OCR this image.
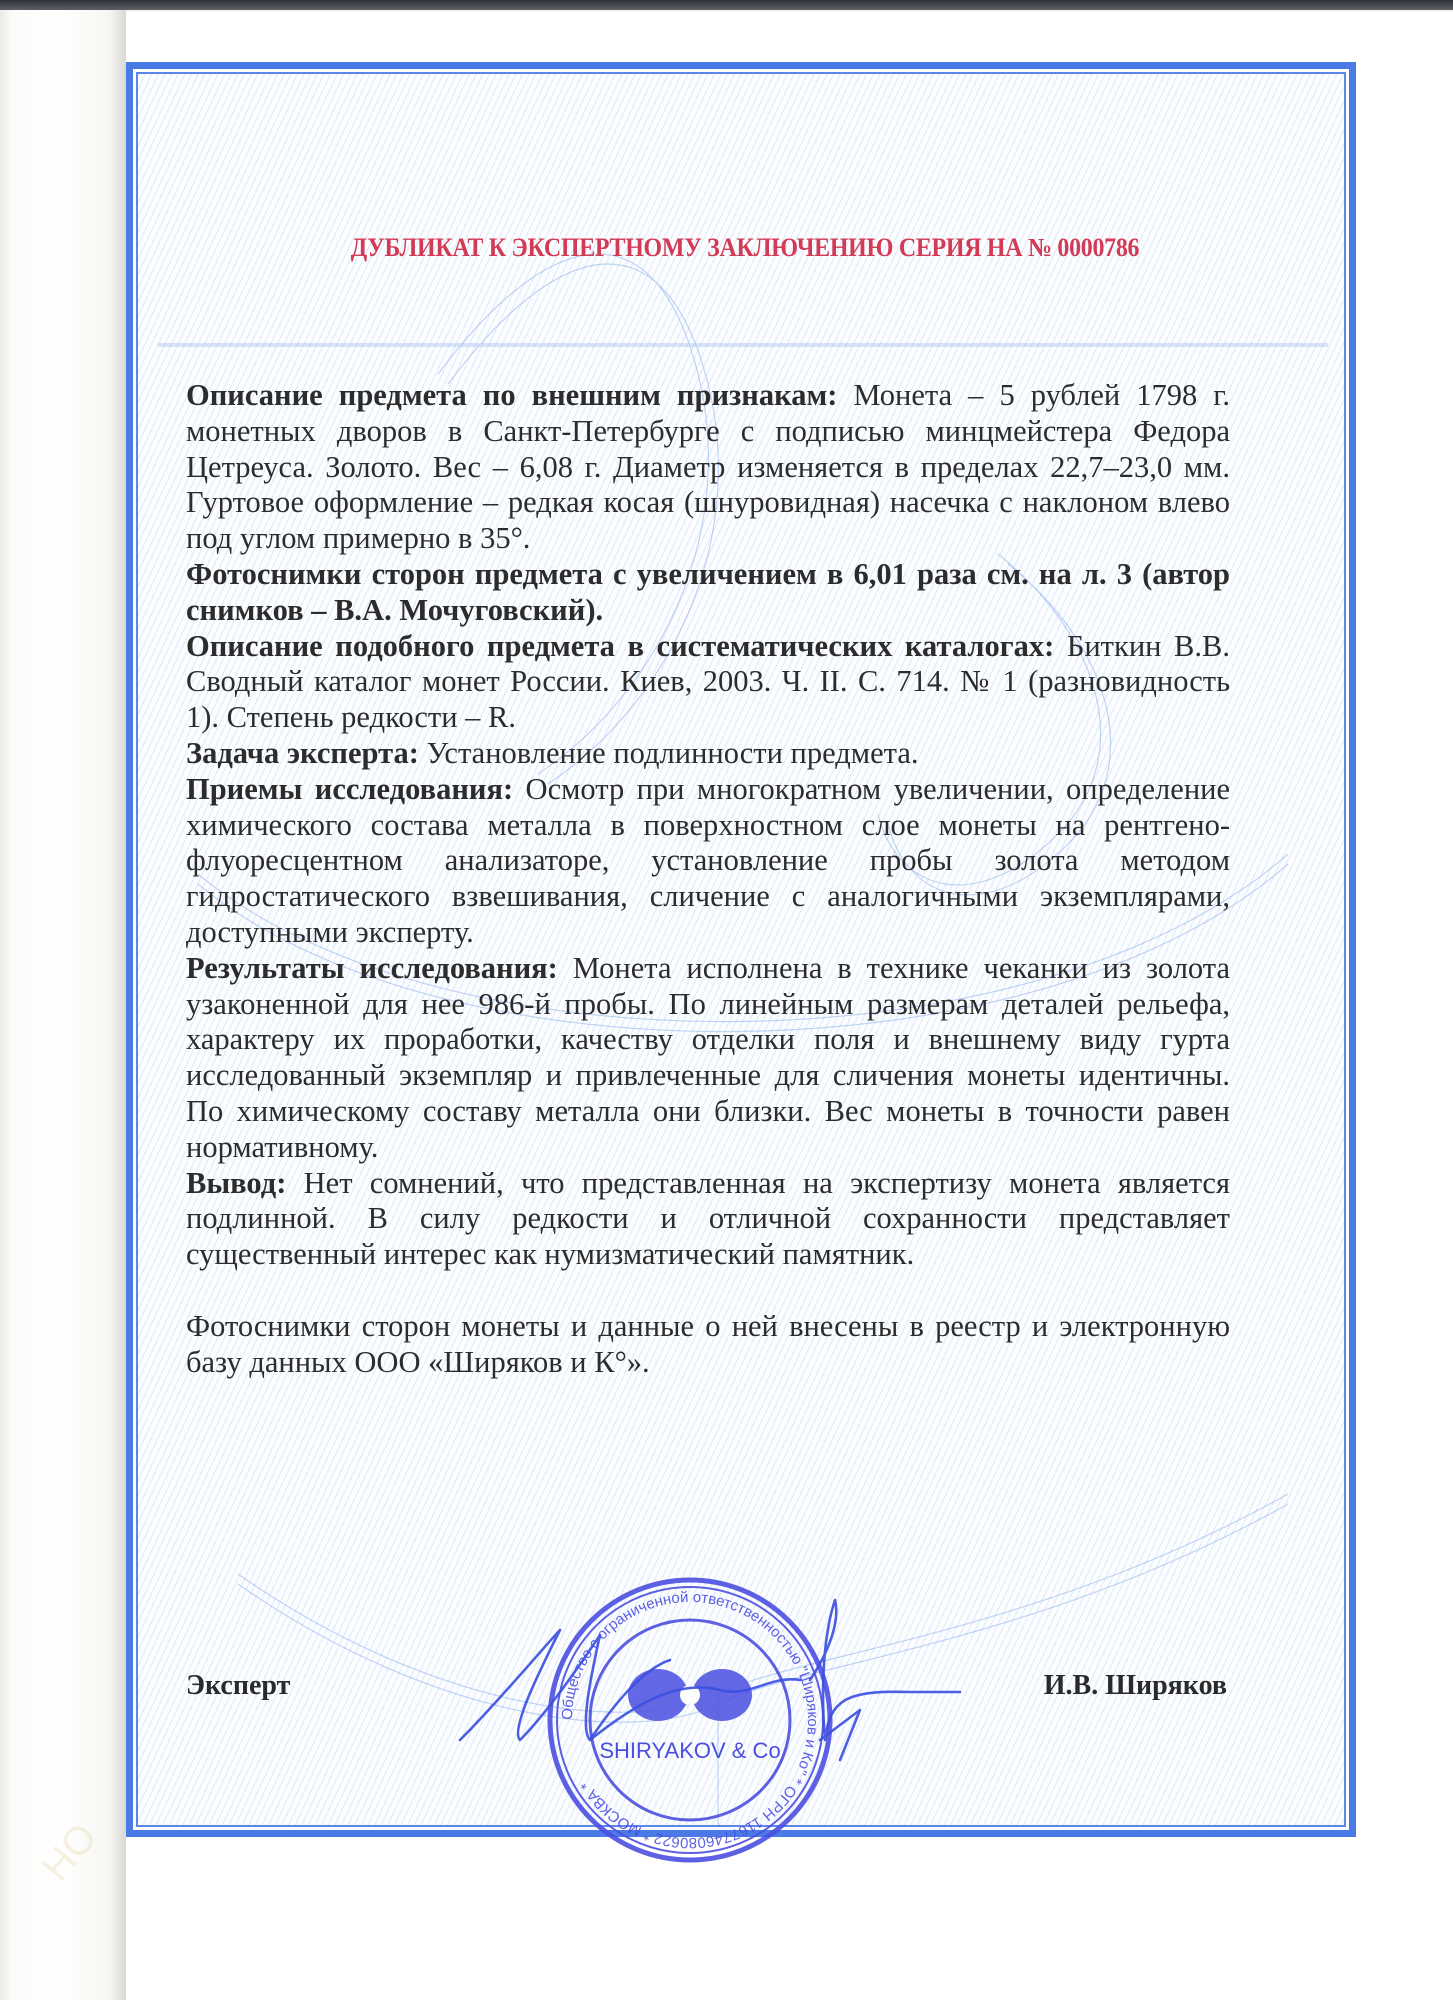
НО
ДУБЛИКАТ К ЭКСПЕРТНОМУ ЗАКЛЮЧЕНИЮ СЕРИЯ НА № 0000786

Описание предмета по внешним признакам: Монета – 5 рублей 1798 г. монетных дворов в Санкт-Петербурге с подписью минцмейстера Федора Цетреуса. Золото. Вес – 6,08 г. Диаметр изменяется в пределах 22,7–23,0 мм. Гуртовое оформление – редкая косая (шнуровидная) насечка с наклоном влево под углом примерно в 35°.

Фотоснимки сторон предмета с увеличением в 6,01 раза см. на л. 3 (автор снимков – В.А. Мочуговский).

Описание подобного предмета в систематических каталогах: Биткин В.В. Сводный каталог монет России. Киев, 2003. Ч. II. С. 714. № 1 (разновидность 1). Степень редкости – R.

Задача эксперта: Установление подлинности предмета.

Приемы исследования: Осмотр при многократном увеличении, определение химического состава металла в поверхностном слое монеты на рентгено-флуоресцентном анализаторе, установление пробы золота методом гидростатического взвешивания, сличение с аналогичными экземплярами, доступными эксперту.

Результаты исследования: Монета исполнена в технике чеканки из золота узаконенной для нее 986-й пробы. По линейным размерам деталей рельефа, характеру их проработки, качеству отделки поля и внешнему виду гурта исследованный экземпляр и привлеченные для сличения монеты идентичны. По химическому составу металла они близки. Вес монеты в точности равен нормативному.

Вывод: Нет сомнений, что представленная на экспертизу монета является подлинной. В силу редкости и отличной сохранности представляет существенный интерес как нумизматический памятник.

Фотоснимки сторон монеты и данные о ней внесены в реестр и электронную базу данных ООО «Ширяков и К°».

Эксперт	И.В. Ширяков
Общество с ограниченной ответственностью "Ширяков и Ко" * ОГРН 1167746080622 * МОСКВА *
SHIRYAKOV & Co
